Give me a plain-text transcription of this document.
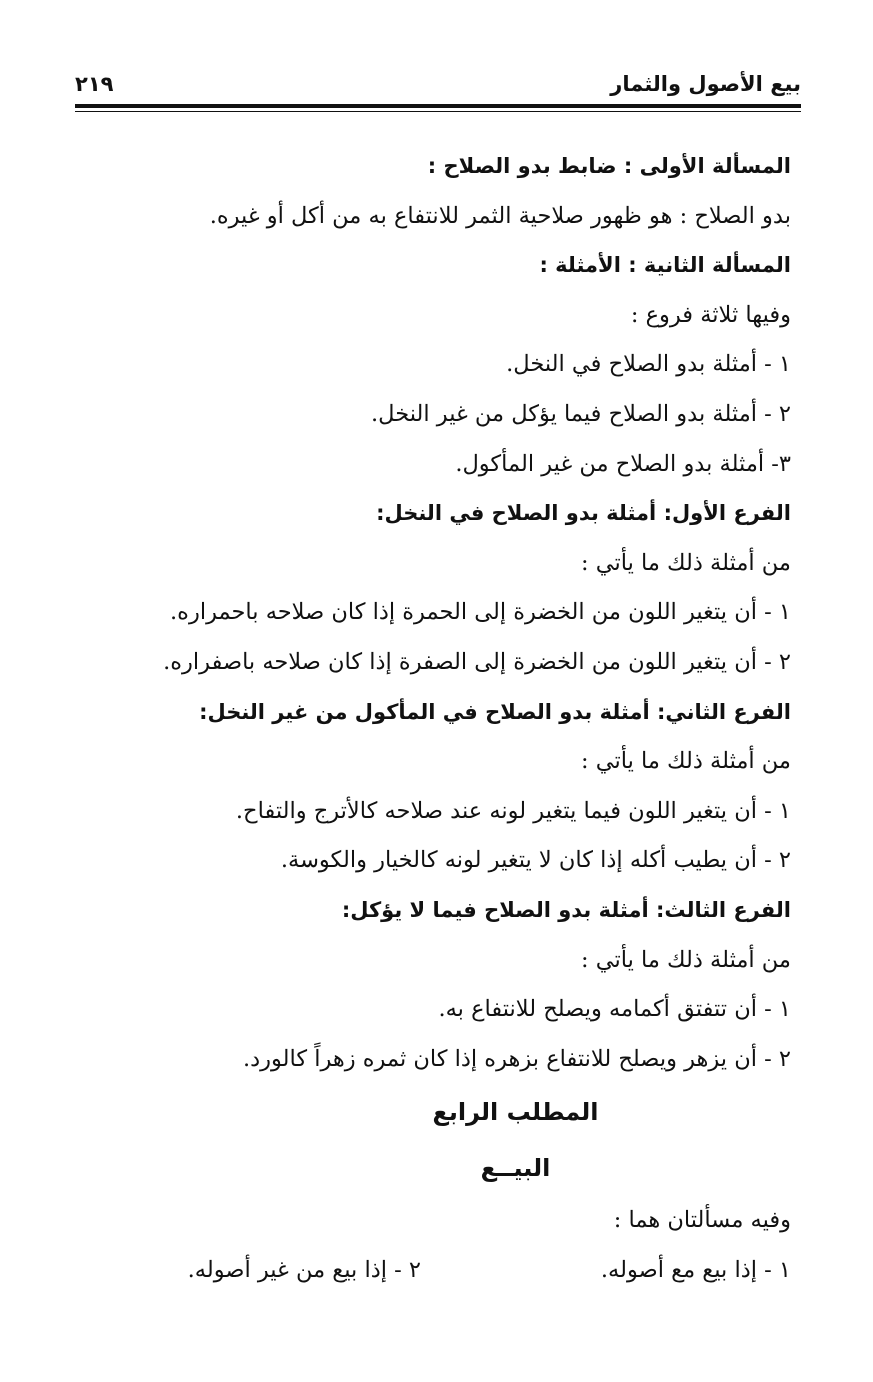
بيع الأصول والثمار
٢١٩
المسألة الأولى : ضابط بدو الصلاح :
بدو الصلاح : هو ظهور صلاحية الثمر للانتفاع به من أكل أو غيره.
المسألة الثانية : الأمثلة :
وفيها ثلاثة فروع :
١ - أمثلة بدو الصلاح في النخل.
٢ - أمثلة بدو الصلاح فيما يؤكل من غير النخل.
٣- أمثلة بدو الصلاح من غير المأكول.
الفرع الأول: أمثلة بدو الصلاح في النخل:
من أمثلة ذلك ما يأتي :
١ - أن يتغير اللون من الخضرة إلى الحمرة إذا كان صلاحه باحمراره.
٢ - أن يتغير اللون من الخضرة إلى الصفرة إذا كان صلاحه باصفراره.
الفرع الثاني: أمثلة بدو الصلاح في المأكول من غير النخل:
من أمثلة ذلك ما يأتي :
١ - أن يتغير اللون فيما يتغير لونه عند صلاحه كالأترج والتفاح.
٢ - أن يطيب أكله إذا كان لا يتغير لونه كالخيار والكوسة.
الفرع الثالث: أمثلة بدو الصلاح فيما لا يؤكل:
من أمثلة ذلك ما يأتي :
١ - أن تتفتق أكمامه ويصلح للانتفاع به.
٢ - أن يزهر ويصلح للانتفاع بزهره إذا كان ثمره زهراً كالورد.
المطلب الرابع
البيــع
وفيه مسألتان هما :
١ - إذا بيع مع أصوله.
٢ - إذا بيع من غير أصوله.
